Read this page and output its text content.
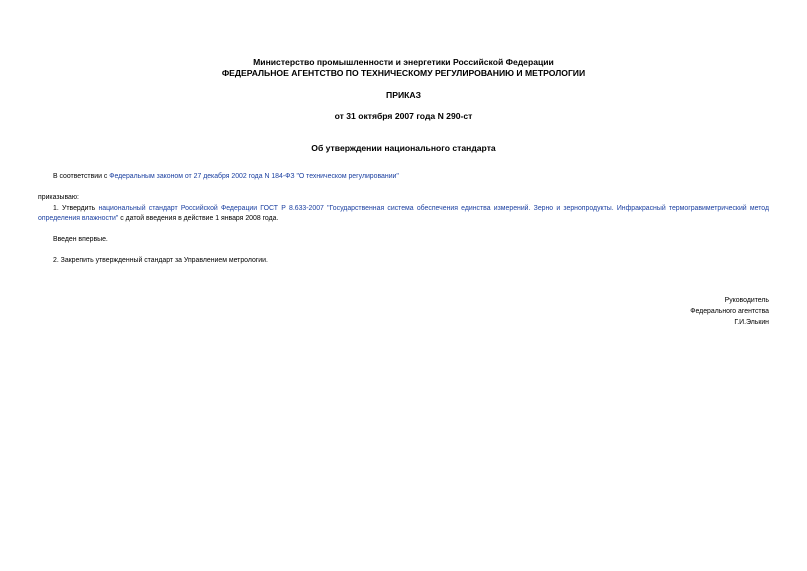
Министерство промышленности и энергетики Российской Федерации
ФЕДЕРАЛЬНОЕ АГЕНТСТВО ПО ТЕХНИЧЕСКОМУ РЕГУЛИРОВАНИЮ И МЕТРОЛОГИИ
ПРИКАЗ
от 31 октября 2007 года N 290-ст
Об утверждении национального стандарта
В соответствии с Федеральным законом от 27 декабря 2002 года N 184-ФЗ "О техническом регулировании"
приказываю:
1. Утвердить национальный стандарт Российской Федерации ГОСТ Р 8.633-2007 "Государственная система обеспечения единства измерений. Зерно и зернопродукты. Инфракрасный термогравиметрический метод определения влажности" с датой введения в действие 1 января 2008 года.
Введен впервые.
2. Закрепить утвержденный стандарт за Управлением метрологии.
Руководитель
Федерального агентства
Г.И.Элькин
